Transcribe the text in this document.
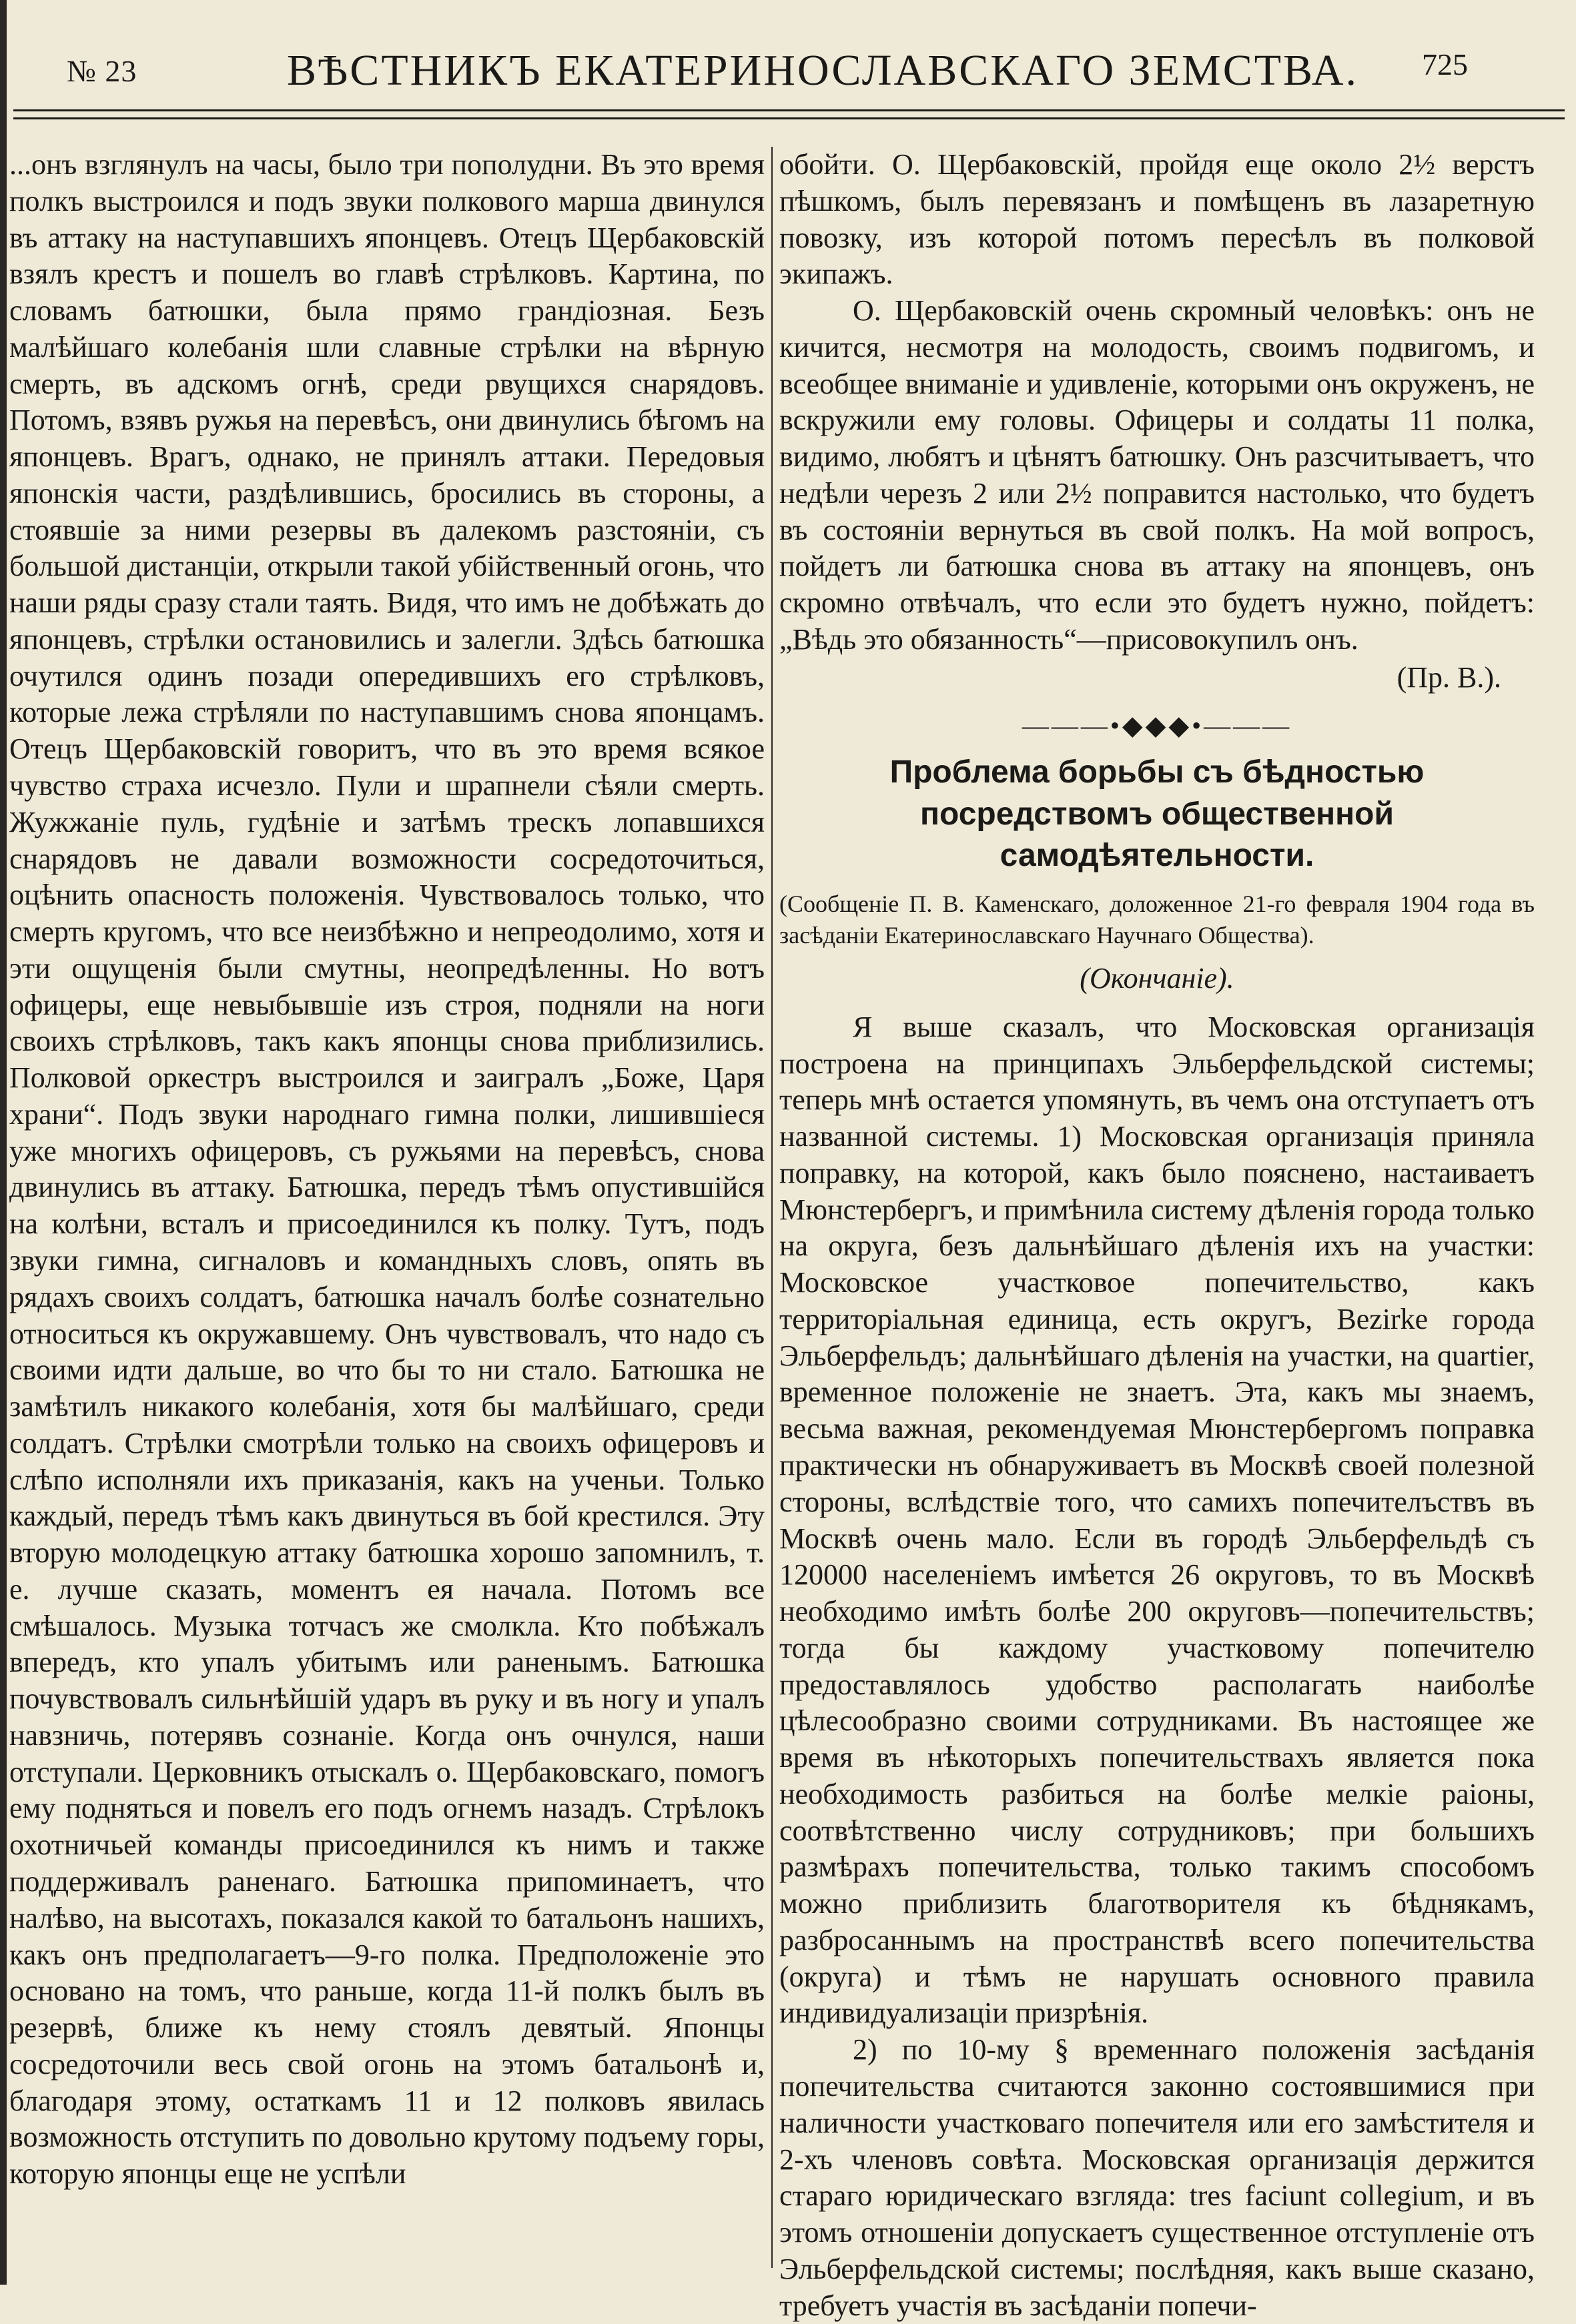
№ 23	ВѢСТНИКЪ ЕКАТЕРИНОСЛАВСКАГО ЗЕМСТВА. 725

...онъ взглянулъ на часы, было три пополудни. Въ это время полкъ выстроился и подъ звуки полкового марша двинулся въ аттаку на наступавшихъ японцевъ. Отецъ Щербаковскій взялъ крестъ и пошелъ во главѣ стрѣлковъ. Картина, по словамъ батюшки, была прямо грандіозная. Безъ малѣйшаго колебанія шли славные стрѣлки на вѣрную смерть, въ адскомъ огнѣ, среди рвущихся снарядовъ. Потомъ, взявъ ружья на перевѣсъ, они двинулись бѣгомъ на японцевъ. Врагъ, однако, не принялъ аттаки. Передовыя японскія части, раздѣлившись, бросились въ стороны, а стоявшіе за ними резервы въ далекомъ разстояніи, съ большой дистанціи, открыли такой убійственный огонь, что наши ряды сразу стали таять. Видя, что имъ не добѣжать до японцевъ, стрѣлки остановились и залегли. Здѣсь батюшка очутился одинъ позади опередившихъ его стрѣлковъ, которые лежа стрѣляли по наступавшимъ снова японцамъ. Отецъ Щербаковскій говоритъ, что въ это время всякое чувство страха исчезло. Пули и шрапнели сѣяли смерть. Жужжаніе пуль, гудѣніе и затѣмъ трескъ лопавшихся снарядовъ не давали возможности сосредоточиться, оцѣнить опасность положенія. Чувствовалось только, что смерть кругомъ, что все неизбѣжно и непреодолимо, хотя и эти ощущенія были смутны, неопредѣленны. Но вотъ офицеры, еще невыбывшіе изъ строя, подняли на ноги своихъ стрѣлковъ, такъ какъ японцы снова приблизились. Полковой оркестръ выстроился и заигралъ „Боже, Царя храни“. Подъ звуки народнаго гимна полки, лишившіеся уже многихъ офицеровъ, съ ружьями на перевѣсъ, снова двинулись въ аттаку. Батюшка, передъ тѣмъ опустившійся на колѣни, всталъ и присоединился къ полку. Тутъ, подъ звуки гимна, сигналовъ и командныхъ словъ, опять въ рядахъ своихъ солдатъ, батюшка началъ болѣе сознательно относиться къ окружавшему. Онъ чувствовалъ, что надо съ своими идти дальше, во что бы то ни стало. Батюшка не замѣтилъ никакого колебанія, хотя бы малѣйшаго, среди солдатъ. Стрѣлки смотрѣли только на своихъ офицеровъ и слѣпо исполняли ихъ приказанія, какъ на ученьи. Только каждый, передъ тѣмъ какъ двинуться въ бой крестился. Эту вторую молодецкую аттаку батюшка хорошо запомнилъ, т. е. лучше сказать, моментъ ея начала. Потомъ все смѣшалось. Музыка тотчасъ же смолкла. Кто побѣжалъ впередъ, кто упалъ убитымъ или раненымъ. Батюшка почувствовалъ сильнѣйшій ударъ въ руку и въ ногу и упалъ навзничь, потерявъ сознаніе. Когда онъ очнулся, наши отступали. Церковникъ отыскалъ о. Щербаковскаго, помогъ ему подняться и повелъ его подъ огнемъ назадъ. Стрѣлокъ охотничьей команды присоединился къ нимъ и также поддерживалъ раненаго. Батюшка припоминаетъ, что налѣво, на высотахъ, показался какой то батальонъ нашихъ, какъ онъ предполагаетъ—9-го полка. Предположеніе это основано на томъ, что раньше, когда 11-й полкъ былъ въ резервѣ, ближе къ нему стоялъ девятый. Японцы сосредоточили весь свой огонь на этомъ батальонѣ и, благодаря этому, остаткамъ 11 и 12 полковъ явилась возможность отступить по довольно крутому подъему горы, которую японцы еще не успѣли

обойти. О. Щербаковскій, пройдя еще около 2½ верстъ пѣшкомъ, былъ перевязанъ и помѣщенъ въ лазаретную повозку, изъ которой потомъ пересѣлъ въ полковой экипажъ.

О. Щербаковскій очень скромный человѣкъ: онъ не кичится, несмотря на молодость, своимъ подвигомъ, и всеобщее вниманіе и удивленіе, которыми онъ окруженъ, не вскружили ему головы. Офицеры и солдаты 11 полка, видимо, любятъ и цѣнятъ батюшку. Онъ разсчитываетъ, что недѣли черезъ 2 или 2½ поправится настолько, что будетъ въ состояніи вернуться въ свой полкъ. На мой вопросъ, пойдетъ ли батюшка снова въ аттаку на японцевъ, онъ скромно отвѣчалъ, что если это будетъ нужно, пойдетъ: „Вѣдь это обязанность“—присовокупилъ онъ.

(Пр. В.).

———•◆◆◆•———

Проблема борьбы съ бѣдностью посредствомъ общественной самодѣятельности.

(Сообщеніе П. В. Каменскаго, доложенное 21-го февраля 1904 года въ засѣданіи Екатеринославскаго Научнаго Общества).

(Окончаніе).

Я выше сказалъ, что Московская организація построена на принципахъ Эльберфельдской системы; теперь мнѣ остается упомянуть, въ чемъ она отступаетъ отъ названной системы. 1) Московская организація приняла поправку, на которой, какъ было пояснено, настаиваетъ Мюнстербергъ, и примѣнила систему дѣленія города только на округа, безъ дальнѣйшаго дѣленія ихъ на участки: Московское участковое попечительство, какъ территоріальная единица, есть округъ, Bezirke города Эльберфельдъ; дальнѣйшаго дѣленія на участки, на quartier, временное положеніе не знаетъ. Эта, какъ мы знаемъ, весьма важная, рекомендуемая Мюнстербергомъ поправка практически нъ обнаруживаетъ въ Москвѣ своей полезной стороны, вслѣдствіе того, что самихъ попечителъствъ въ Москвѣ очень мало. Если въ городѣ Эльберфельдѣ съ 120000 населеніемъ имѣется 26 округовъ, то въ Москвѣ необходимо имѣть болѣе 200 округовъ—попечительствъ; тогда бы каждому участковому попечителю предоставлялось удобство располагать наиболѣе цѣлесообразно своими сотрудниками. Въ настоящее же время въ нѣкоторыхъ попечительствахъ является пока необходимость разбиться на болѣе мелкіе раіоны, соотвѣтственно числу сотрудниковъ; при большихъ размѣрахъ попечительства, только такимъ способомъ можно приблизить благотворителя къ бѣднякамъ, разбросаннымъ на пространствѣ всего попечительства (округа) и тѣмъ не нарушать основного правила индивидуализаціи призрѣнія.

2) по 10-му § временнаго положенія засѣданія попечительства считаются законно состоявшимися при наличности участковаго попечителя или его замѣстителя и 2-хъ членовъ совѣта. Московская организація держится стараго юридическаго взгляда: tres faciunt collegium, и въ этомъ отношеніи допускаетъ существенное отступленіе отъ Эльберфельдской системы; послѣдняя, какъ выше сказано, требуетъ участія въ засѣданіи попечи-
